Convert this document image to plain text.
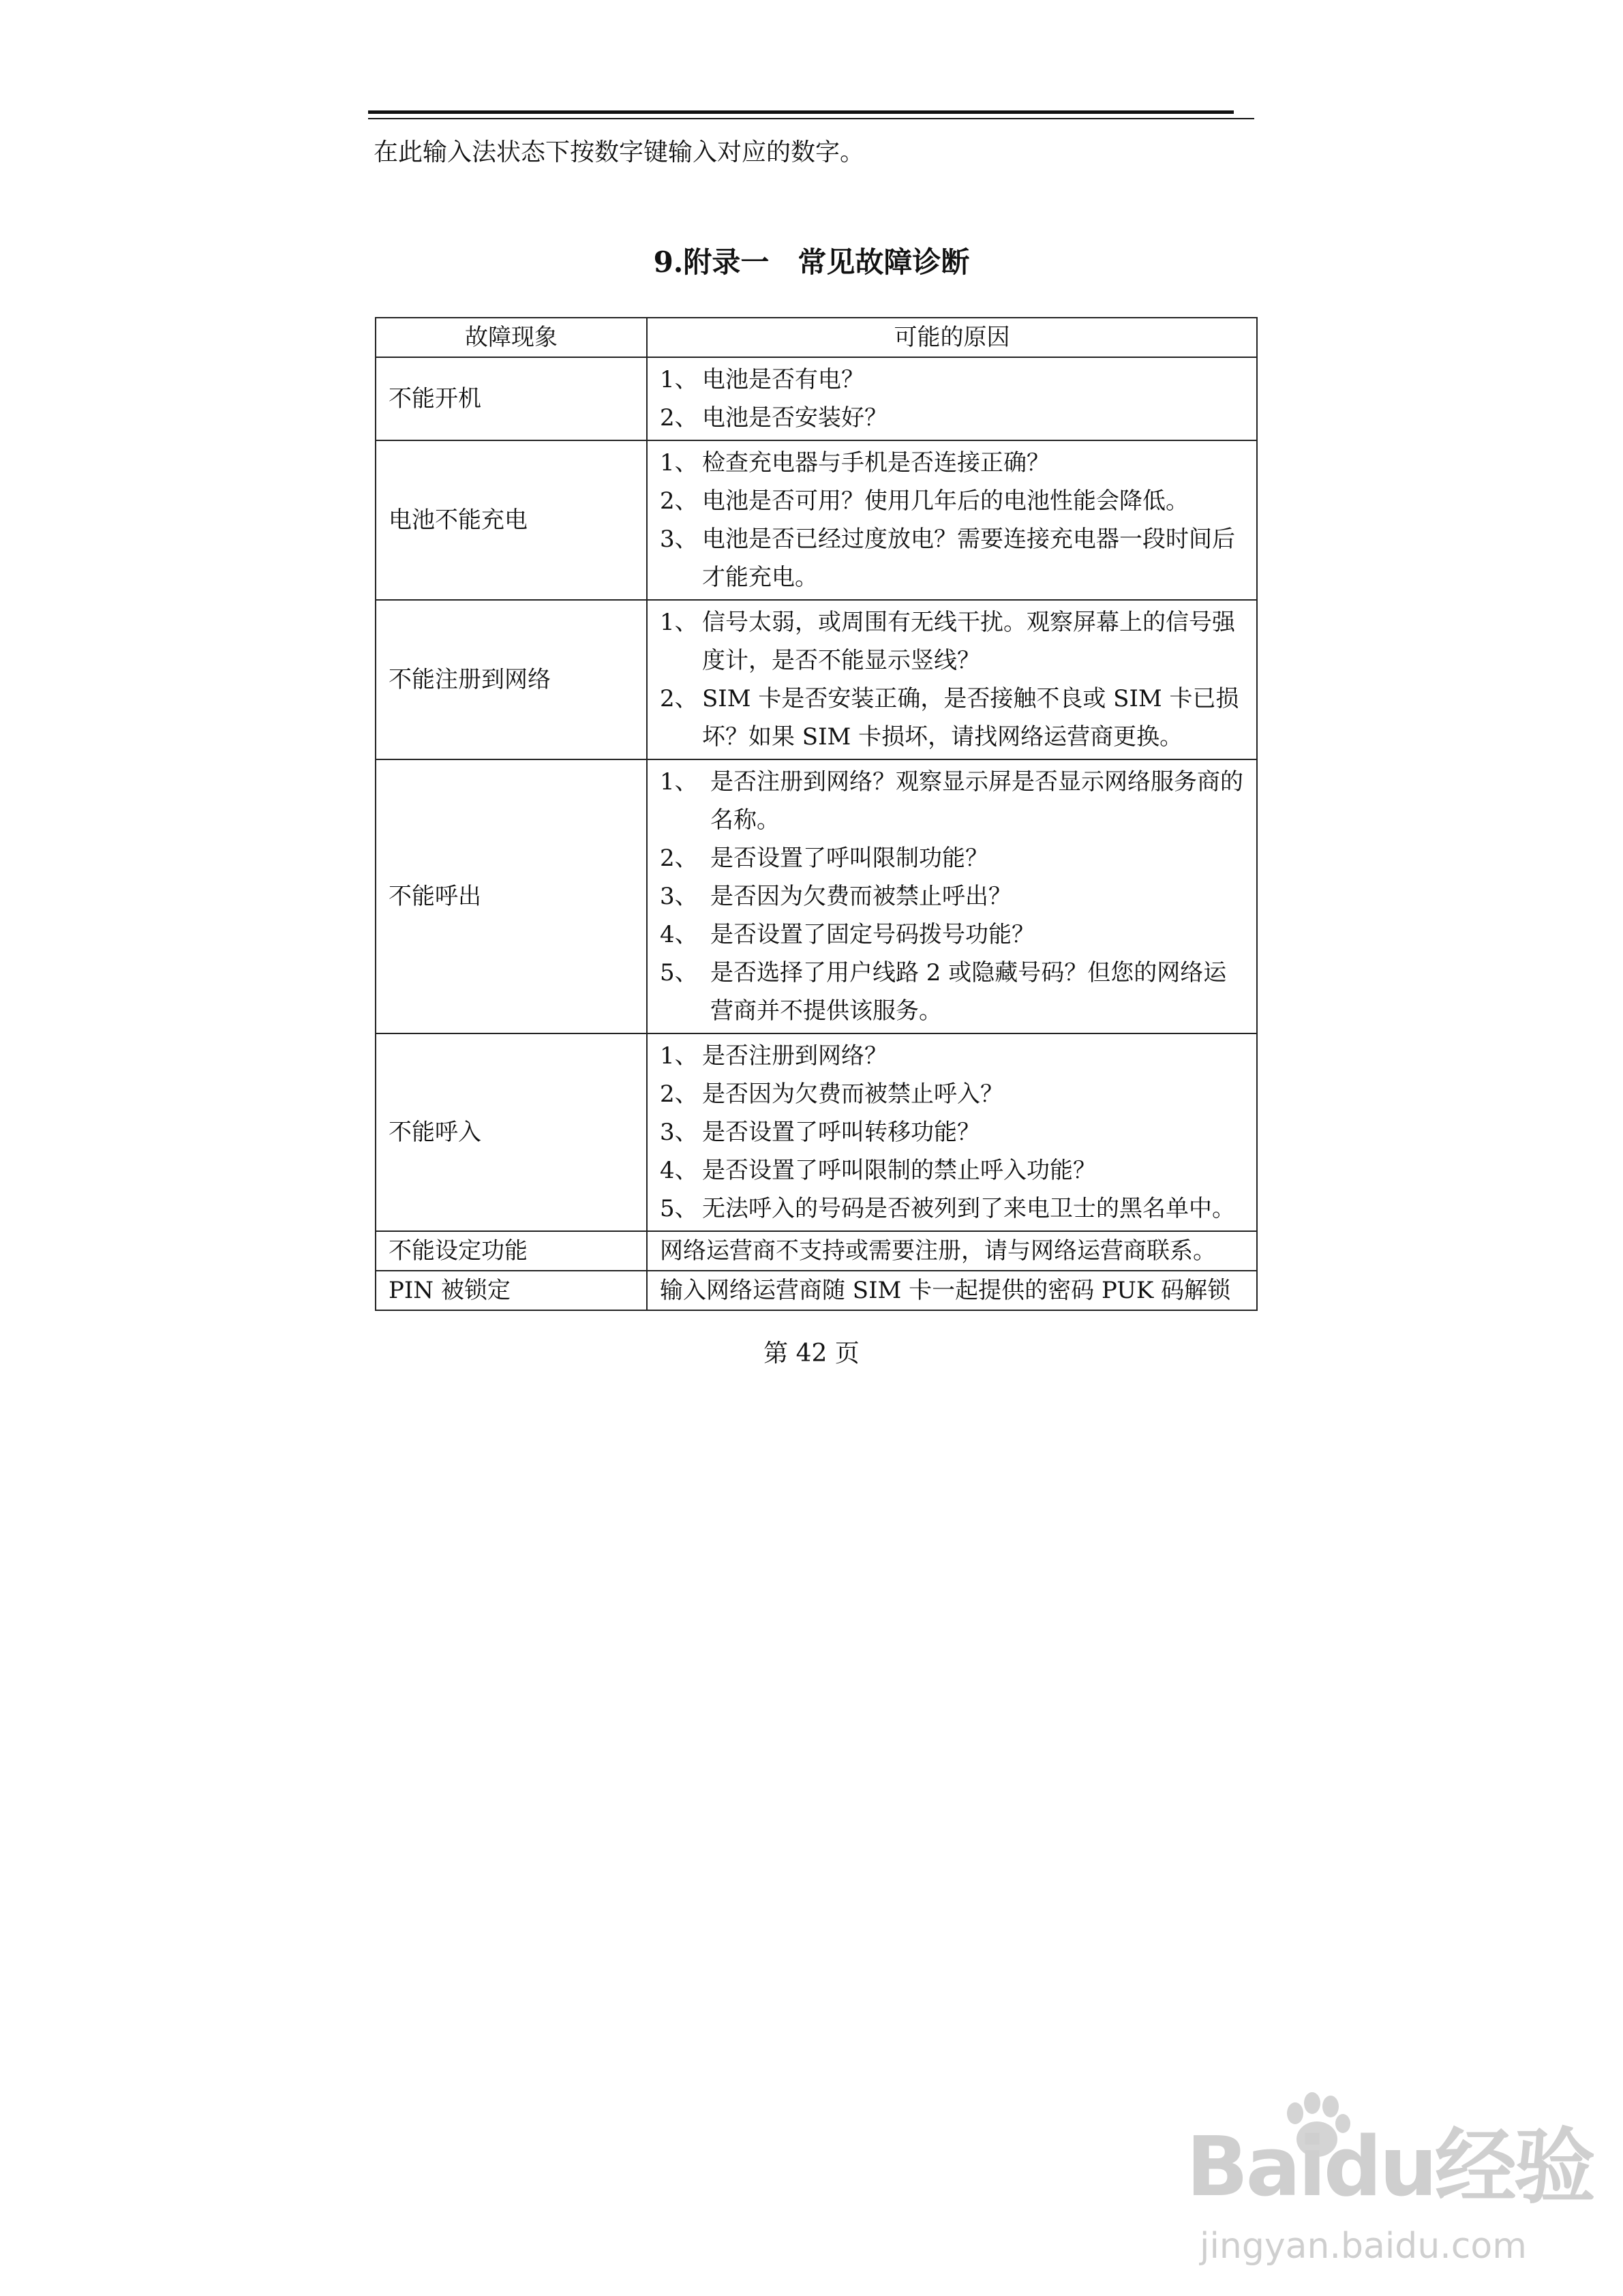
在此输入法状态下按数字键输入对应的数字。
9.附录一　常见故障诊断
故障现象	可能的原因
不能开机	1、 电池是否有电？
2、 电池是否安装好？

电池不能充电	1、 检查充电器与手机是否连接正确？
2、 电池是否可用？使用几年后的电池性能会降低。
3、 电池是否已经过度放电？需要连接充电器一段时间后才能充电。

不能注册到网络	1、 信号太弱，或周围有无线干扰。观察屏幕上的信号强度计，是否不能显示竖线？
2、 SIM 卡是否安装正确，是否接触不良或 SIM 卡已损坏？如果 SIM 卡损坏，请找网络运营商更换。

不能呼出	1、 是否注册到网络？观察显示屏是否显示网络服务商的名称。
2、 是否设置了呼叫限制功能？
3、 是否因为欠费而被禁止呼出？
4、 是否设置了固定号码拨号功能？
5、 是否选择了用户线路 2 或隐藏号码？但您的网络运营商并不提供该服务。

不能呼入	1、 是否注册到网络？
2、 是否因为欠费而被禁止呼入？
3、 是否设置了呼叫转移功能？
4、 是否设置了呼叫限制的禁止呼入功能？
5、 无法呼入的号码是否被列到了来电卫士的黑名单中。

不能设定功能	网络运营商不支持或需要注册，请与网络运营商联系。

PIN 被锁定	输入网络运营商随 SIM 卡一起提供的密码 PUK 码解锁
第 42 页
Baidu经验
jingyan.baidu.com
